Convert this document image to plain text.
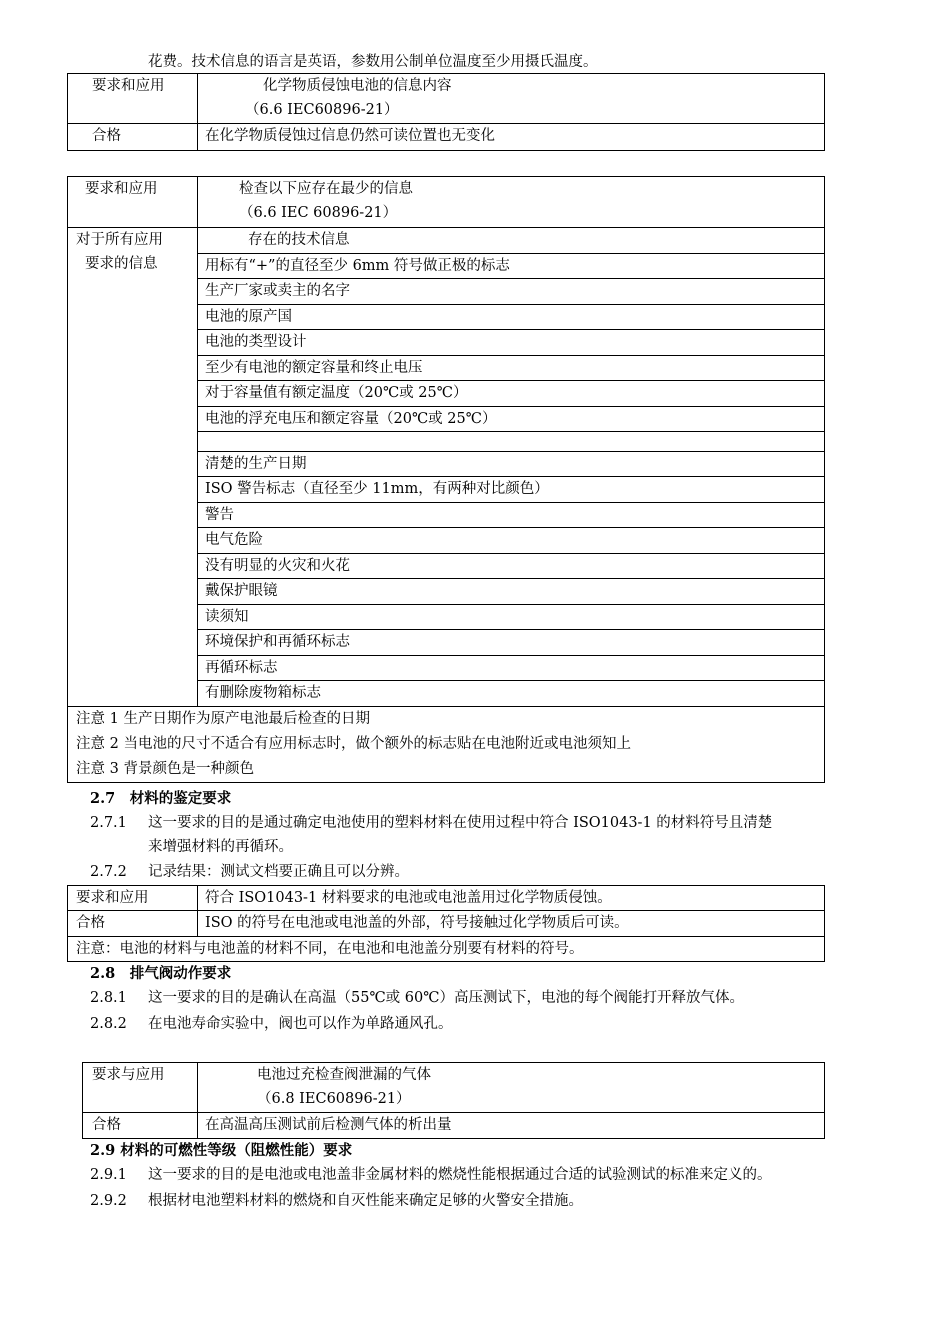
花费。技术信息的语言是英语，参数用公制单位温度至少用摄氏温度。
要求和应用	化学物质侵蚀电池的信息内容
（6.6 IEC60896-21）

合格	在化学物质侵蚀过信息仍然可读位置也无变化
要求和应用	检查以下应存在最少的信息
（6.6 IEC 60896-21）

对于所有应用
要求的信息	存在的技术信息
	用标有“+”的直径至少 6mm 符号做正极的标志
	生产厂家或卖主的名字
	电池的原产国
	电池的类型设计
	至少有电池的额定容量和终止电压
	对于容量值有额定温度（20℃或 25℃）
	电池的浮充电压和额定容量（20℃或 25℃）

	清楚的生产日期
	ISO 警告标志（直径至少 11mm，有两种对比颜色）
	警告
	电气危险
	没有明显的火灾和火花
	戴保护眼镜
	读须知
	环境保护和再循环标志
	再循环标志
	有删除废物箱标志

注意 1 生产日期作为原产电池最后检查的日期
注意 2 当电池的尺寸不适合有应用标志时，做个额外的标志贴在电池附近或电池须知上
注意 3 背景颜色是一种颜色	
2.7　材料的鉴定要求
2.7.1 这一要求的目的是通过确定电池使用的塑料材料在使用过程中符合 ISO1043-1 的材料符号且清楚
来增强材料的再循环。
2.7.2 记录结果：测试文档要正确且可以分辨。
要求和应用	符合 ISO1043-1 材料要求的电池或电池盖用过化学物质侵蚀。
合格	ISO 的符号在电池或电池盖的外部，符号接触过化学物质后可读。
注意：电池的材料与电池盖的材料不同，在电池和电池盖分别要有材料的符号。	
2.8　排气阀动作要求
2.8.1 这一要求的目的是确认在高温（55℃或 60℃）高压测试下，电池的每个阀能打开释放气体。
2.8.2 在电池寿命实验中，阀也可以作为单路通风孔。
要求与应用	电池过充检查阀泄漏的气体
（6.8 IEC60896-21）

合格	在高温高压测试前后检测气体的析出量
2.9 材料的可燃性等级（阻燃性能）要求
2.9.1 这一要求的目的是电池或电池盖非金属材料的燃烧性能根据通过合适的试验测试的标准来定义的。
2.9.2 根据材电池塑料材料的燃烧和自灭性能来确定足够的火警安全措施。
